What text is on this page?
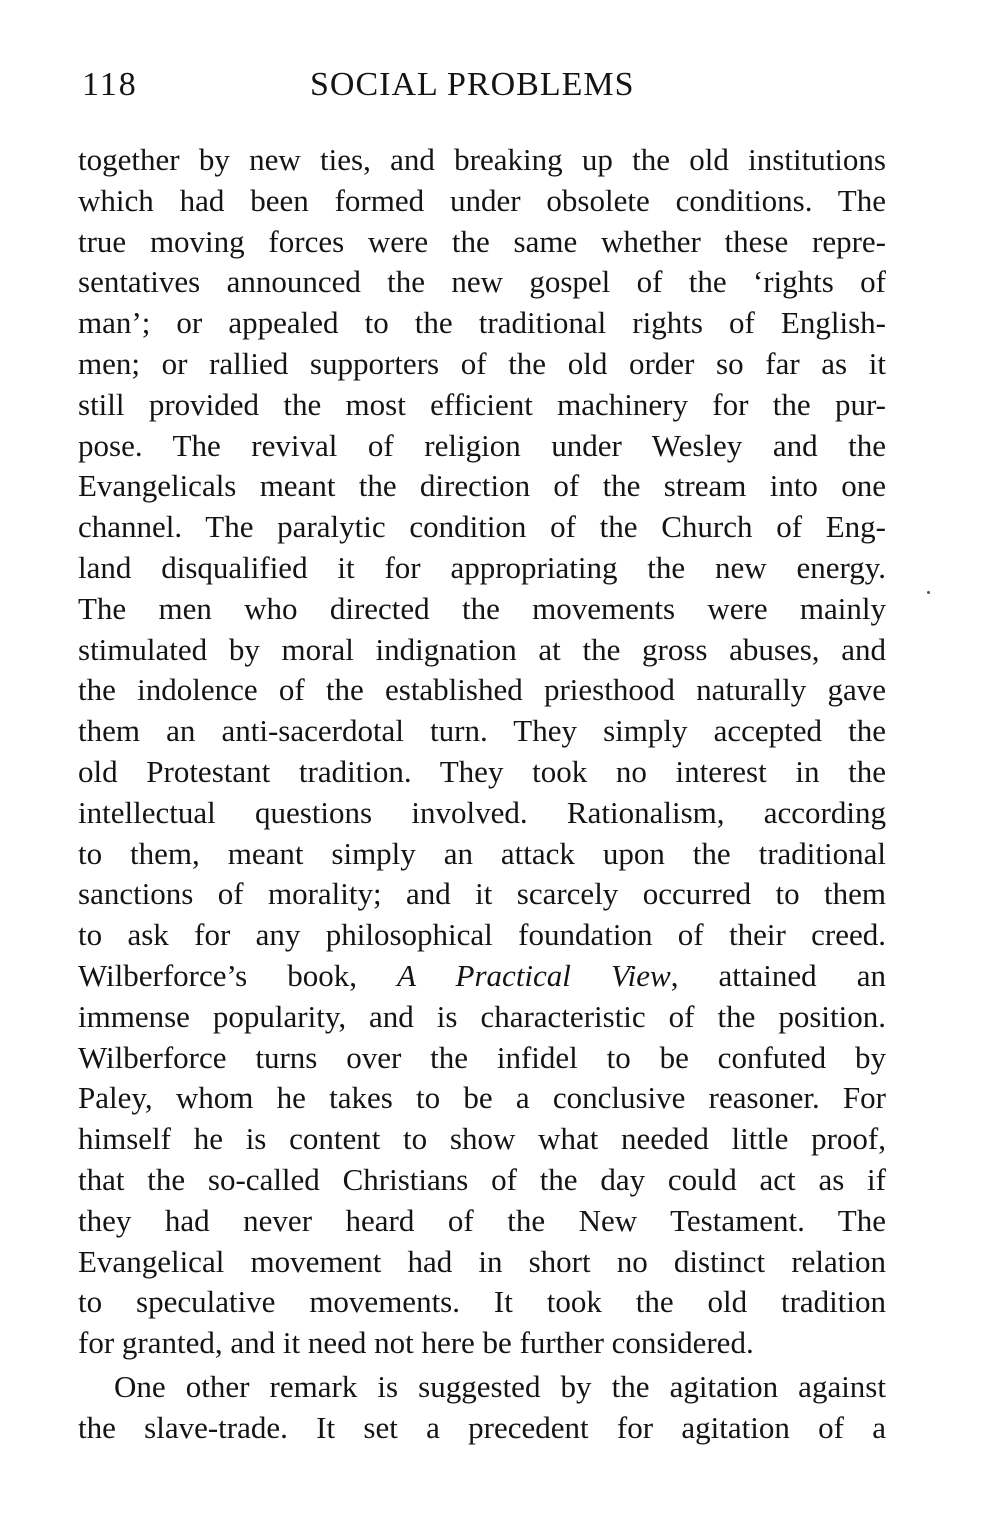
118	SOCIAL PROBLEMS
together by new ties, and breaking up the old institutions
which had been formed under obsolete conditions. The
true moving forces were the same whether these repre-
sentatives announced the new gospel of the ‘rights of
man’; or appealed to the traditional rights of English-
men; or rallied supporters of the old order so far as it
still provided the most efficient machinery for the pur-
pose. The revival of religion under Wesley and the
Evangelicals meant the direction of the stream into one
channel. The paralytic condition of the Church of Eng-
land disqualified it for appropriating the new energy.
The men who directed the movements were mainly
stimulated by moral indignation at the gross abuses, and
the indolence of the established priesthood naturally gave
them an anti-sacerdotal turn. They simply accepted the
old Protestant tradition. They took no interest in the
intellectual questions involved. Rationalism, according
to them, meant simply an attack upon the traditional
sanctions of morality; and it scarcely occurred to them
to ask for any philosophical foundation of their creed.
Wilberforce’s book, A Practical View, attained an
immense popularity, and is characteristic of the position.
Wilberforce turns over the infidel to be confuted by
Paley, whom he takes to be a conclusive reasoner. For
himself he is content to show what needed little proof,
that the so-called Christians of the day could act as if
they had never heard of the New Testament. The
Evangelical movement had in short no distinct relation
to speculative movements. It took the old tradition
for granted, and it need not here be further considered.
One other remark is suggested by the agitation against
the slave-trade. It set a precedent for agitation of a
